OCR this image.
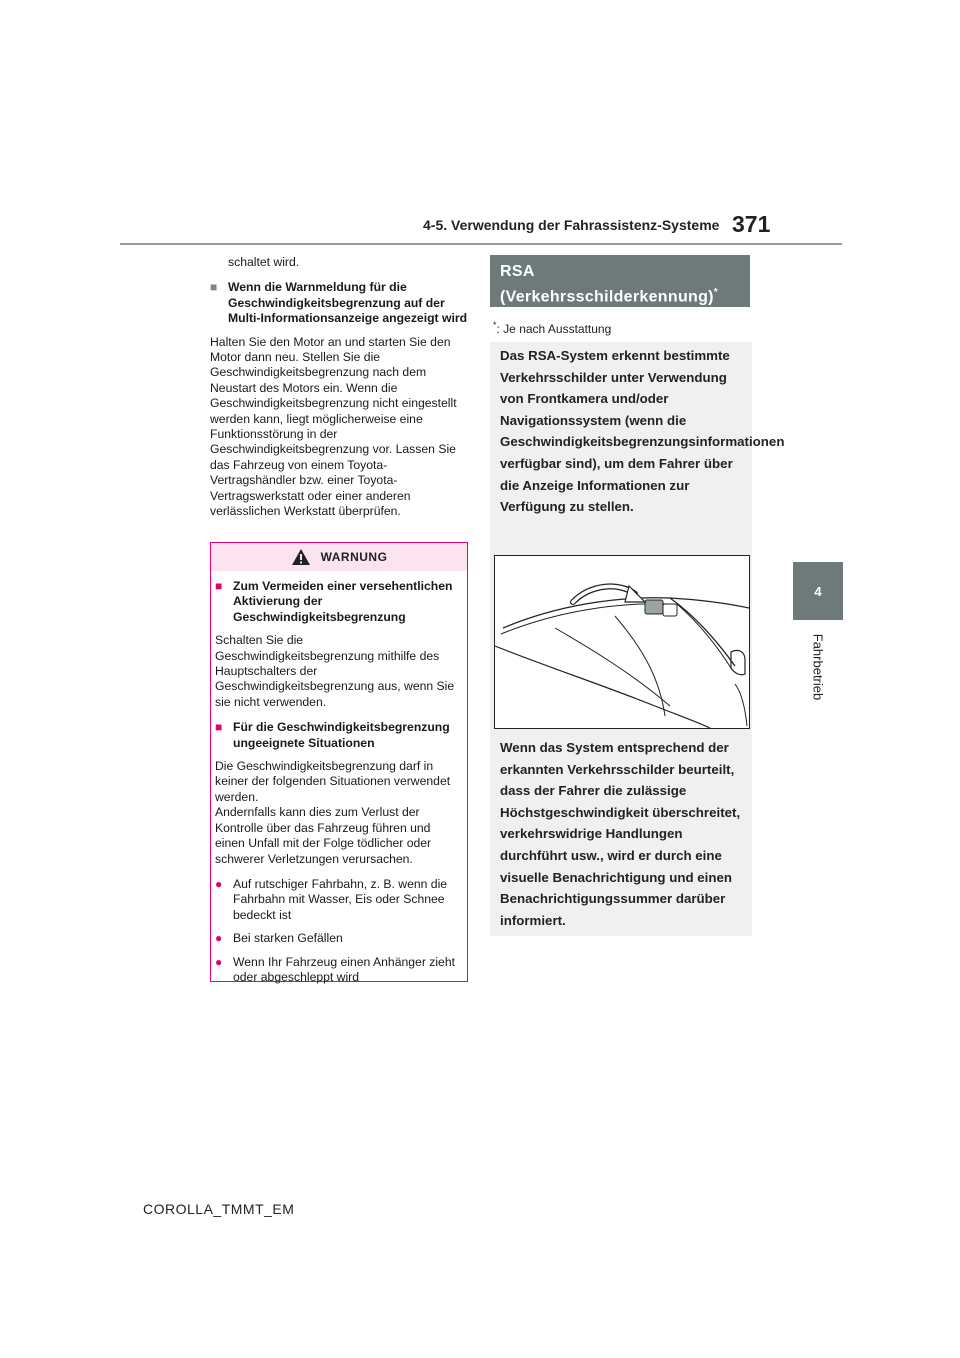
4-5. Verwendung der Fahrassistenz-Systeme 371
4
Fahrbetrieb

schaltet wird.

■ Wenn die Warnmeldung für die Geschwindigkeitsbegrenzung auf der Multi-Informationsanzeige angezeigt wird

Halten Sie den Motor an und starten Sie den Motor dann neu. Stellen Sie die Geschwindigkeitsbegrenzung nach dem Neustart des Motors ein. Wenn die Geschwindigkeitsbegrenzung nicht eingestellt werden kann, liegt möglicherweise eine Funktionsstörung in der Geschwindigkeitsbegrenzung vor. Lassen Sie das Fahrzeug von einem Toyota-Vertragshändler bzw. einer Toyota-Vertragswerkstatt oder einer anderen verlässlichen Werkstatt überprüfen.

WARNUNG
■ Zum Vermeiden einer versehentlichen Aktivierung der Geschwindigkeitsbegrenzung

Schalten Sie die Geschwindigkeitsbegrenzung mithilfe des Hauptschalters der Geschwindigkeitsbegrenzung aus, wenn Sie sie nicht verwenden.

■ Für die Geschwindigkeitsbegrenzung ungeeignete Situationen

Die Geschwindigkeitsbegrenzung darf in keiner der folgenden Situationen verwendet werden.

Andernfalls kann dies zum Verlust der Kontrolle über das Fahrzeug führen und einen Unfall mit der Folge tödlicher oder schwerer Verletzungen verursachen.

● Auf rutschiger Fahrbahn, z. B. wenn die Fahrbahn mit Wasser, Eis oder Schnee bedeckt ist
● Bei starken Gefällen
● Wenn Ihr Fahrzeug einen Anhänger zieht oder abgeschleppt wird
RSA (Verkehrsschilderkennung)*
*: Je nach Ausstattung
Das RSA-System erkennt bestimmte Verkehrsschilder unter Verwendung von Frontkamera und/oder Navigationssystem (wenn die Geschwindigkeitsbegrenzungsinformationen verfügbar sind), um dem Fahrer über die Anzeige Informationen zur Verfügung zu stellen.
Wenn das System entsprechend der erkannten Verkehrsschilder beurteilt, dass der Fahrer die zulässige Höchstgeschwindigkeit überschreitet, verkehrswidrige Handlungen durchführt usw., wird er durch eine visuelle Benachrichtigung und einen Benachrichtigungssummer darüber informiert.
COROLLA_TMMT_EM
